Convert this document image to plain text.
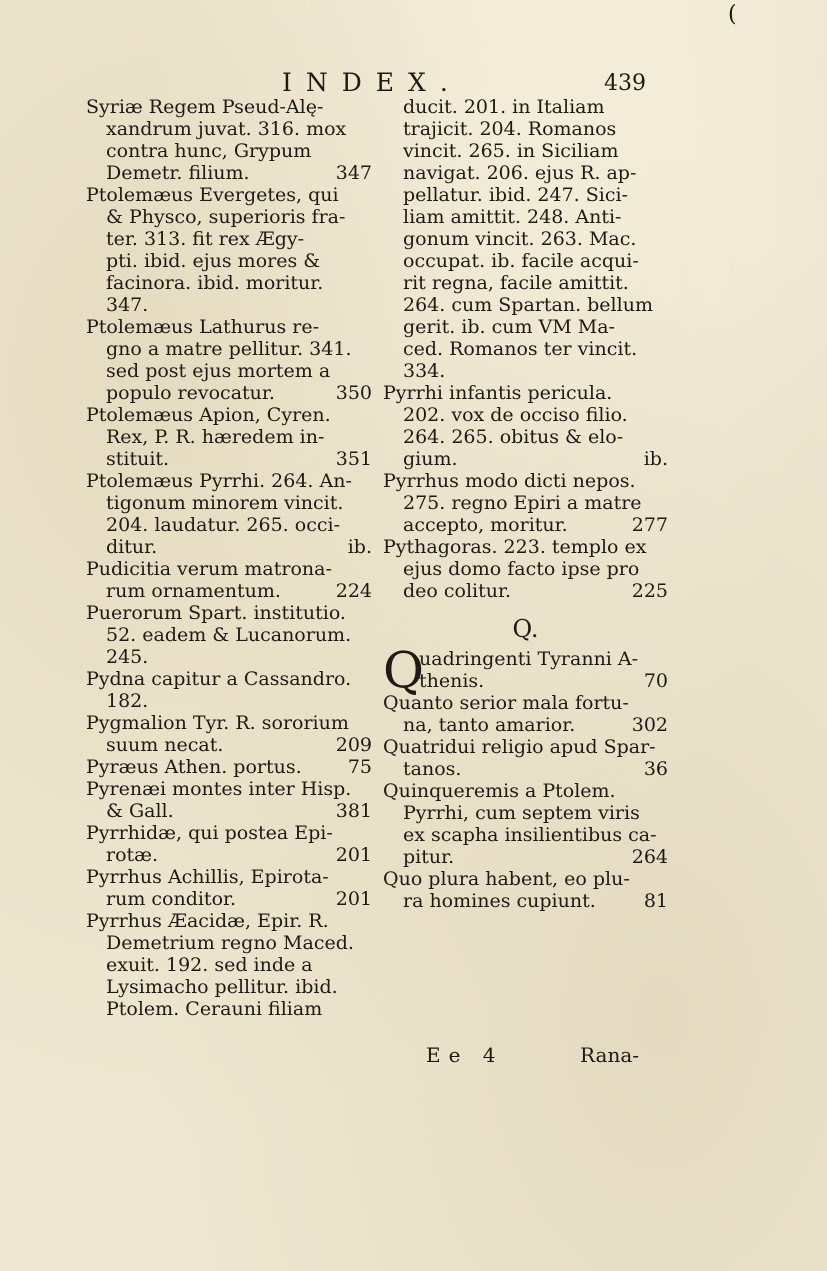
(
INDEX.	439
Syriæ Regem Pseud-Alę-
xandrum juvat. 316. mox
contra hunc, Grypum
Demetr. filium.	347
Ptolemæus Evergetes, qui
& Physco, superioris fra-
ter. 313. fit rex Ægy-
pti. ibid. ejus mores &
facinora. ibid. moritur.
347.
Ptolemæus Lathurus re-
gno a matre pellitur. 341.
sed post ejus mortem a
populo revocatur.	350
Ptolemæus Apion, Cyren.
Rex, P. R. hæredem in-
stituit.	351
Ptolemæus Pyrrhi. 264. An-
tigonum minorem vincit.
204. laudatur. 265. occi-
ditur.	ib.
Pudicitia verum matrona-
rum ornamentum.	224
Puerorum Spart. institutio.
52. eadem & Lucanorum.
245.
Pydna capitur a Cassandro.
182.
Pygmalion Tyr. R. sororium
suum necat.	209
Pyræus Athen. portus.	75
Pyrenæi montes inter Hisp.
& Gall.	381
Pyrrhidæ, qui postea Epi-
rotæ.	201
Pyrrhus Achillis, Epirota-
rum conditor.	201
Pyrrhus Æacidæ, Epir. R.
Demetrium regno Maced.
exuit. 192. sed inde a
Lysimacho pellitur. ibid.
Ptolem. Cerauni filiam
ducit. 201. in Italiam
trajicit. 204. Romanos
vincit. 265. in Siciliam
navigat. 206. ejus R. ap-
pellatur. ibid. 247. Sici-
liam amittit. 248. Anti-
gonum vincit. 263. Mac.
occupat. ib. facile acqui-
rit regna, facile amittit.
264. cum Spartan. bellum
gerit. ib. cum VM Ma-
ced. Romanos ter vincit.
334.
Pyrrhi infantis pericula.
202. vox de occiso filio.
264. 265. obitus & elo-
gium.	ib.
Pyrrhus modo dicti nepos.
275. regno Epiri a matre
accepto, moritur.	277
Pythagoras. 223. templo ex
ejus domo facto ipse pro
deo colitur.	225
Q.
Q
uadringenti Tyranni A-
thenis.	70
Quanto serior mala fortu-
na, tanto amarior.	302
Quatridui religio apud Spar-
tanos.	36
Quinqueremis a Ptolem.
Pyrrhi, cum septem viris
ex scapha insilientibus ca-
pitur.	264
Quo plura habent, eo plu-
ra homines cupiunt.	81
Ee 4	Rana-
